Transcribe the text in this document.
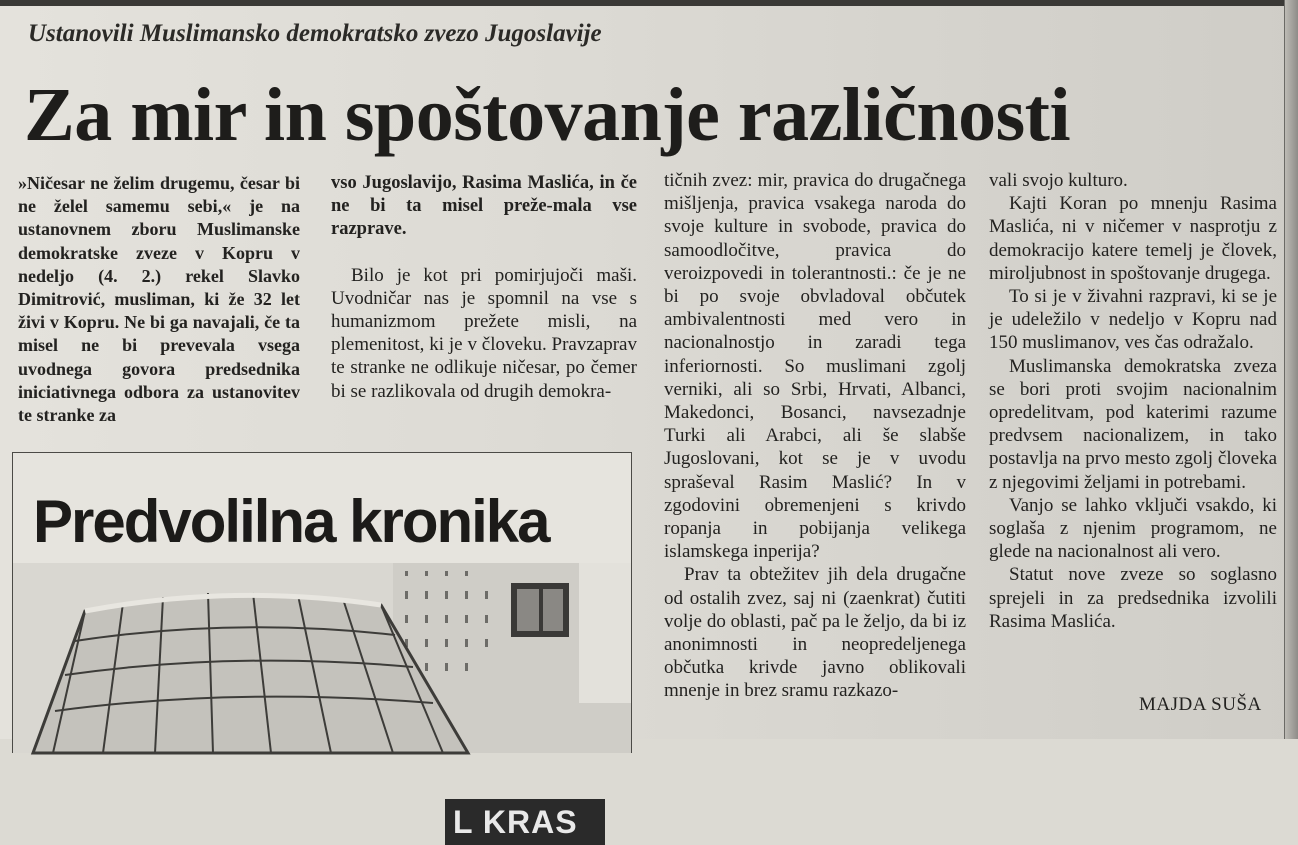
Ustanovili Muslimansko demokratsko zvezo Jugoslavije
Za mir in spoštovanje različnosti

»Ničesar ne želim drugemu, česar bi ne želel samemu sebi,« je na ustanovnem zboru Muslimanske demokratske zveze v Kopru v nedeljo (4. 2.) rekel Slavko Dimitrović, musliman, ki že 32 let živi v Kopru. Ne bi ga navajali, če ta misel ne bi prevevala vsega uvodnega govora predsednika iniciativnega odbora za ustanovitev te stranke za

vso Jugoslavijo, Rasima Maslića, in če ne bi ta misel preže-mala vse razprave.

Bilo je kot pri pomirjujoči maši. Uvodničar nas je spomnil na vse s humanizmom prežete misli, na plemenitost, ki je v človeku. Pravzaprav te stranke ne odlikuje ničesar, po čemer bi se razlikovala od drugih demokra-

tičnih zvez: mir, pravica do drugačnega mišljenja, pravica vsakega naroda do svoje kulture in svobode, pravica do samoodločitve, pravica do veroizpovedi in tolerantnosti.: če je ne bi po svoje obvladoval občutek ambivalentnosti med vero in nacionalnostjo in zaradi tega inferiornosti. So muslimani zgolj verniki, ali so Srbi, Hrvati, Albanci, Makedonci, Bosanci, navsezadnje Turki ali Arabci, ali še slabše Jugoslovani, kot se je v uvodu spraševal Rasim Maslić? In v zgodovini obremenjeni s krivdo ropanja in pobijanja velikega islamskega inperija?

Prav ta obtežitev jih dela drugačne od ostalih zvez, saj ni (zaenkrat) čutiti volje do oblasti, pač pa le željo, da bi iz anonimnosti in neopredeljenega občutka krivde javno oblikovali mnenje in brez sramu razkazo-

vali svojo kulturo.

Kajti Koran po mnenju Rasima Maslića, ni v ničemer v nasprotju z demokracijo katere temelj je človek, miroljubnost in spoštovanje drugega.

To si je v živahni razpravi, ki se je je udeležilo v nedeljo v Kopru nad 150 muslimanov, ves čas odražalo.

Muslimanska demokratska zveza se bori proti svojim nacionalnim opredelitvam, pod katerimi razume predvsem nacionalizem, in tako postavlja na prvo mesto zgolj človeka z njegovimi željami in potrebami.

Vanjo se lahko vključi vsakdo, ki soglaša z njenim programom, ne glede na nacionalnost ali vero.

Statut nove zveze so soglasno sprejeli in za predsednika izvolili Rasima Maslića.

MAJDA SUŠA
Predvolilna kronika
L KRAS
